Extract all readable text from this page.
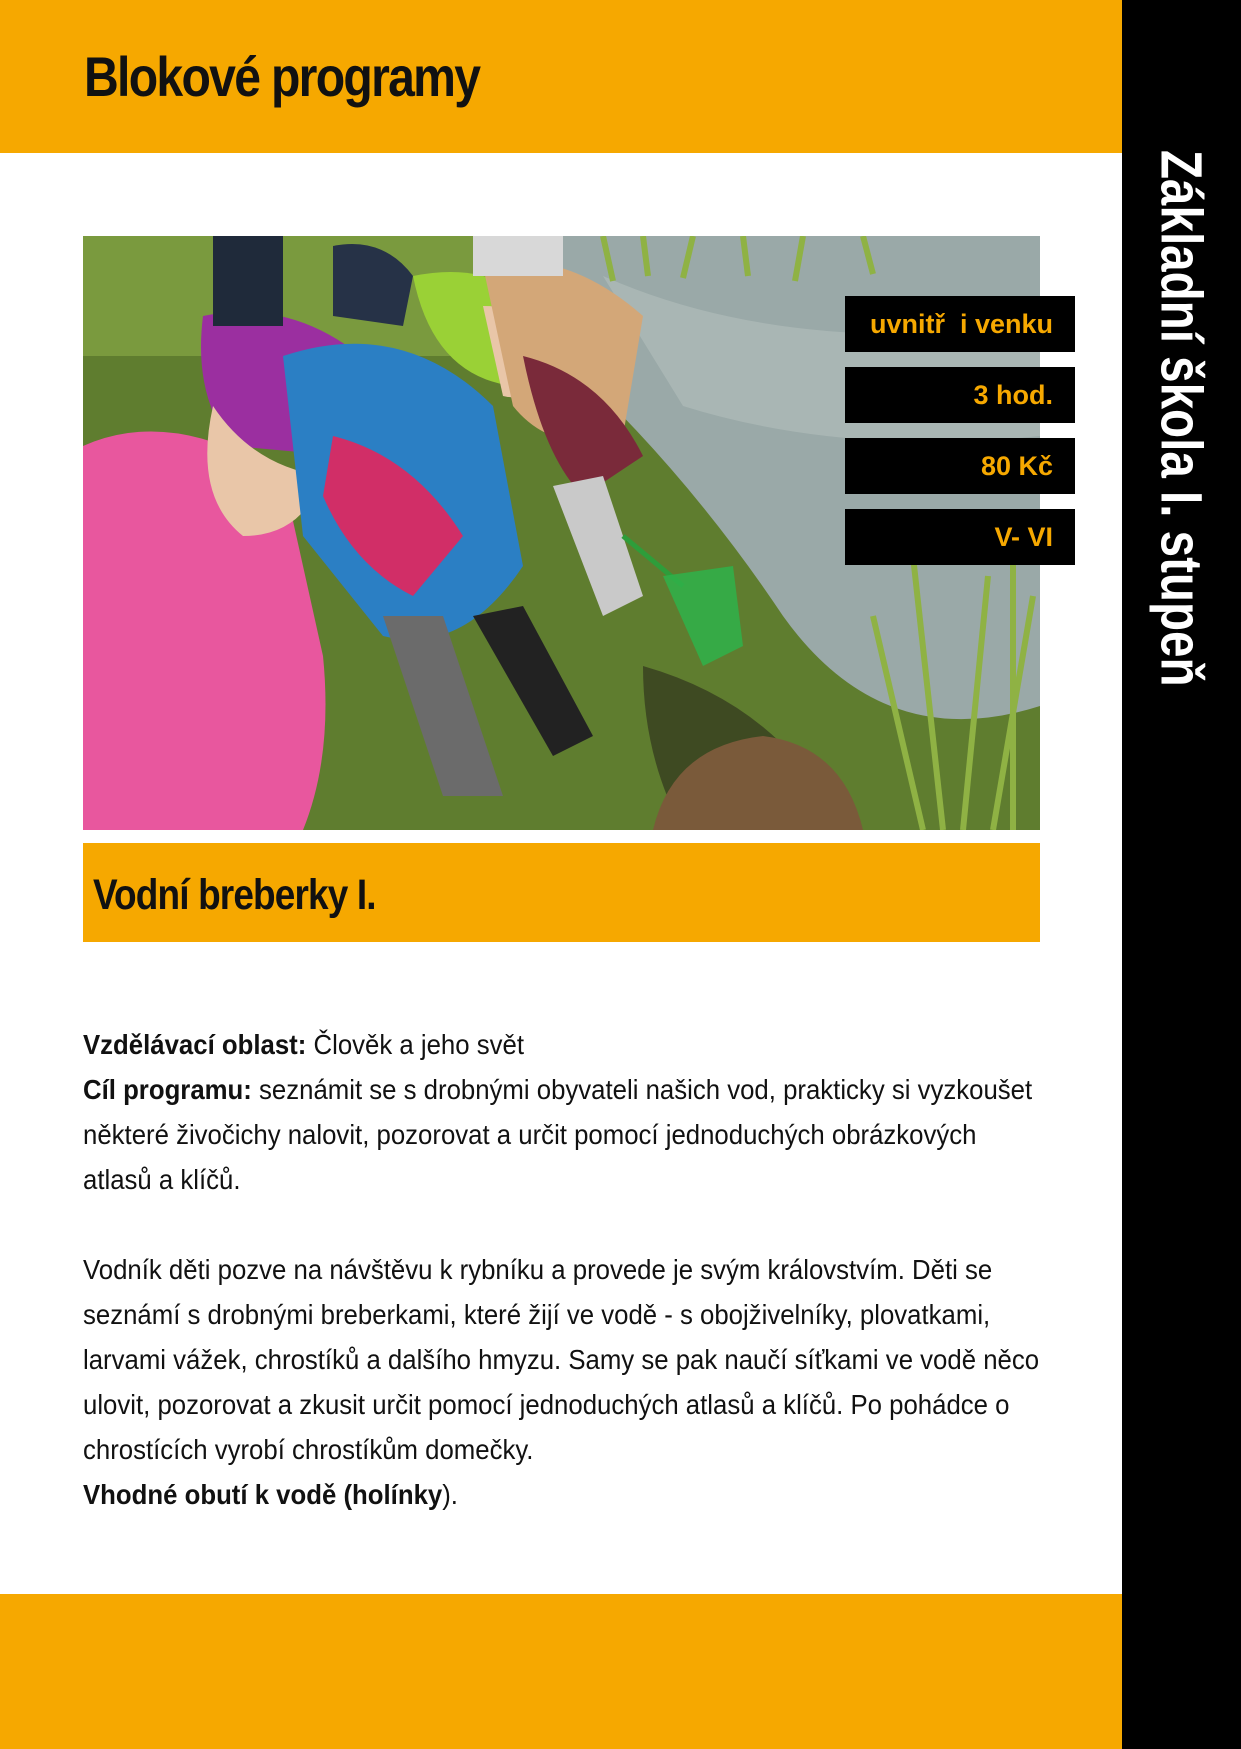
Blokové programy
Základní škola I. stupeň
uvnitř  i venku
3 hod.
80 Kč
V- VI
Vodní breberky I.

Vzdělávací oblast: Člověk a jeho svět

Cíl programu: seznámit se s drobnými obyvateli našich vod, prakticky si vyzkoušet některé živočichy nalovit, pozorovat a určit pomocí jednoduchých obrázkových atlasů a klíčů.

Vodník děti pozve na návštěvu k rybníku a provede je svým královstvím. Děti se seznámí s drobnými breberkami, které žijí ve vodě - s obojživelníky, plovatkami, larvami vážek, chrostíků a dalšího hmyzu. Samy se pak naučí síťkami ve vodě něco ulovit, pozorovat a zkusit určit pomocí jednoduchých atlasů a klíčů. Po pohádce o chrostících vyrobí chrostíkům domečky.

Vhodné obutí k vodě (holínky).
